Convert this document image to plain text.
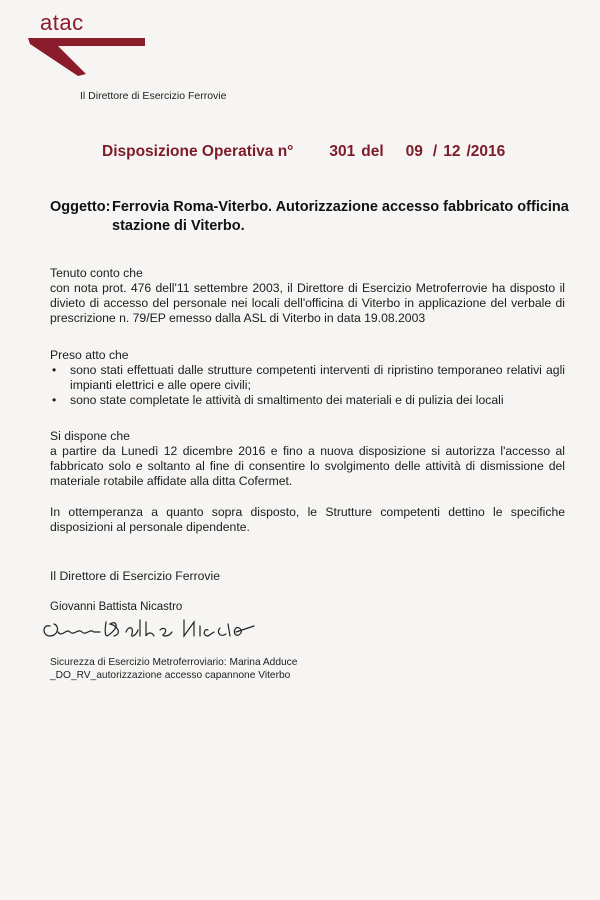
atac
Il Direttore di Esercizio Ferrovie
Disposizione Operativa n° 301 del 09 / 12 /2016
Oggetto: Ferrovia Roma-Viterbo. Autorizzazione accesso fabbricato officina
stazione di Viterbo.

Tenuto conto che

con nota prot. 476 dell'11 settembre 2003, il Direttore di Esercizio Metroferrovie ha disposto il divieto di accesso del personale nei locali dell'officina di Viterbo in applicazione del verbale di prescrizione n. 79/EP emesso dalla ASL di Viterbo in data 19.08.2003

Preso atto che

• sono stati effettuati dalle strutture competenti interventi di ripristino temporaneo relativi agli impianti elettrici e alle opere civili;
• sono state completate le attività di smaltimento dei materiali e di pulizia dei locali

Si dispone che

a partire da Lunedì 12 dicembre 2016 e fino a nuova disposizione si autorizza l'accesso al fabbricato solo e soltanto al fine di consentire lo svolgimento delle attività di dismissione del materiale rotabile affidate alla ditta Cofermet.

In ottemperanza a quanto sopra disposto, le Strutture competenti dettino le specifiche disposizioni al personale dipendente.

Il Direttore di Esercizio Ferrovie
Giovanni Battista Nicastro
Sicurezza di Esercizio Metroferroviario: Marina Adduce
_DO_RV_autorizzazione accesso capannone Viterbo
